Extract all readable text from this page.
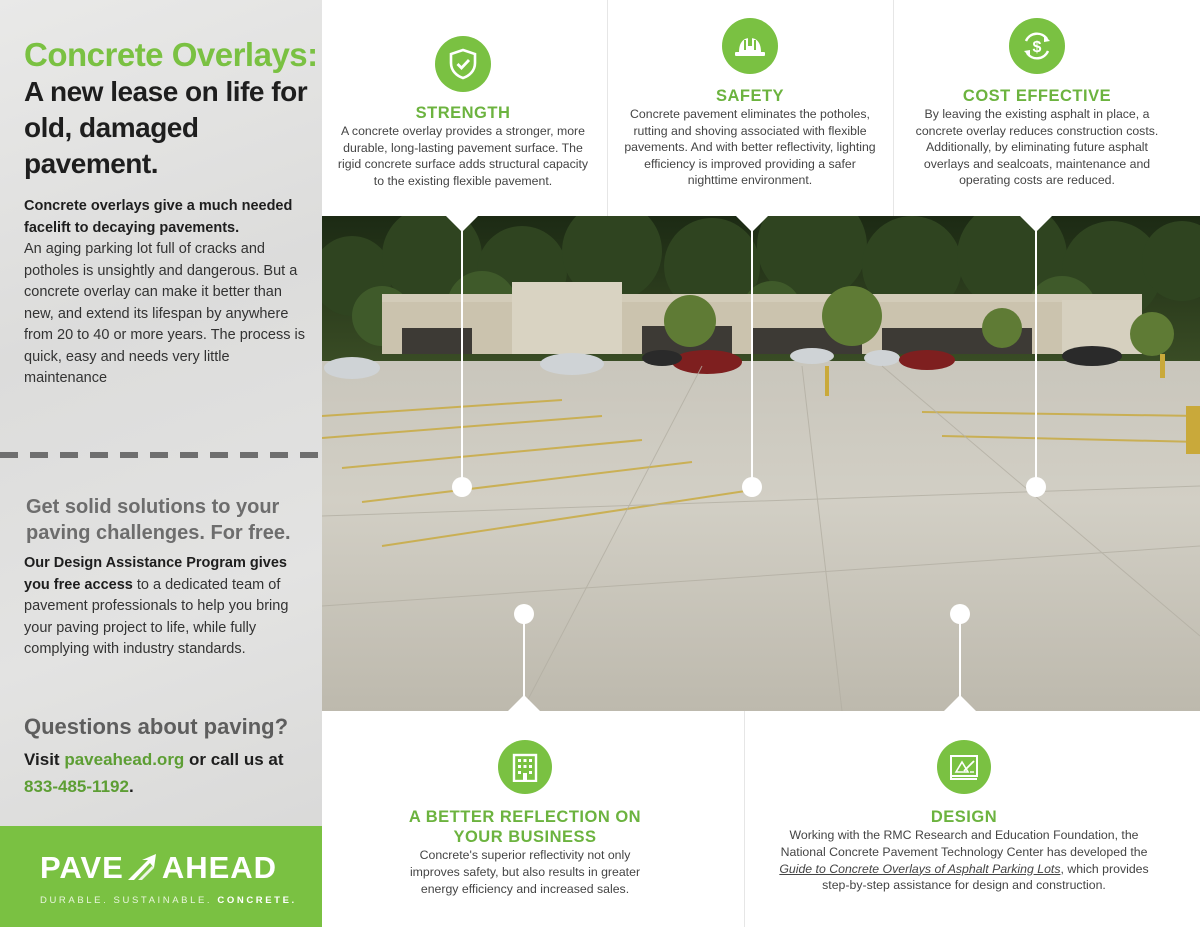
Concrete Overlays:
A new lease on life for old, damaged pavement.
Concrete overlays give a much needed facelift to decaying pavements.
An aging parking lot full of cracks and potholes is unsightly and dangerous. But a concrete overlay can make it better than new, and extend its lifespan by anywhere from 20 to 40 or more years. The process is quick, easy and needs very little maintenance
Get solid solutions to your paving challenges. For free.
Our Design Assistance Program gives you free access to a dedicated team of pavement professionals to help you bring your paving project to life, while fully complying with industry standards.
Questions about paving?
Visit paveahead.org or call us at 833-485-1192.
PAVE AHEAD
DURABLE. SUSTAINABLE. CONCRETE.
STRENGTH
A concrete overlay provides a stronger, more durable, long-lasting pavement surface. The rigid concrete surface adds structural capacity to the existing flexible pavement.
SAFETY
Concrete pavement eliminates the potholes, rutting and shoving associated with flexible pavements. And with better reflectivity, lighting efficiency is improved providing a safer nighttime environment.
$
COST EFFECTIVE
By leaving the existing asphalt in place, a concrete overlay reduces construction costs. Additionally, by eliminating future asphalt overlays and sealcoats, maintenance and operating costs are reduced.
A BETTER REFLECTION ON YOUR BUSINESS
Concrete's superior reflectivity not only improves safety, but also results in greater energy efficiency and increased sales.
DESIGN
Working with the RMC Research and Education Foundation, the National Concrete Pavement Technology Center has developed the Guide to Concrete Overlays of Asphalt Parking Lots, which provides step-by-step assistance for design and construction.
